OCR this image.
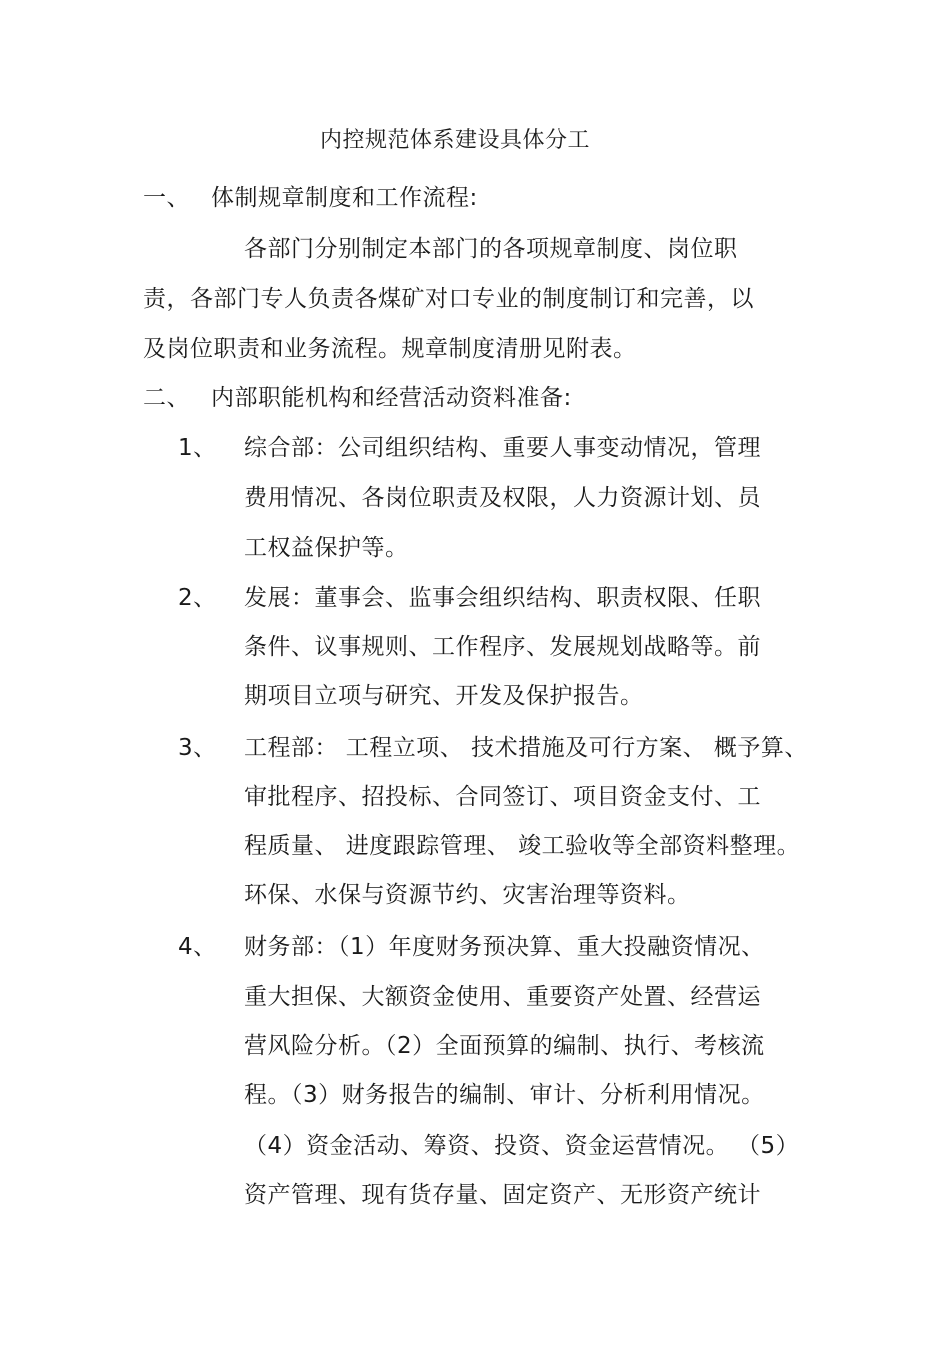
内控规范体系建设具体分工
一、 体制规章制度和工作流程:
各部门分别制定本部门的各项规章制度、岗位职
责，各部门专人负责各煤矿对口专业的制度制订和完善，以
及岗位职责和业务流程。规章制度清册见附表。
二、 内部职能机构和经营活动资料准备:
1、 综合部：公司组织结构、重要人事变动情况，管理
费用情况、各岗位职责及权限，人力资源计划、员
工权益保护等。
2、 发展：董事会、监事会组织结构、职责权限、任职
条件、议事规则、工作程序、发展规划战略等。前
期项目立项与研究、开发及保护报告。
3、 工程部： 工程立项、 技术措施及可行方案、 概予算、
审批程序、招投标、合同签订、项目资金支付、工
程质量、 进度跟踪管理、 竣工验收等全部资料整理。
环保、水保与资源节约、灾害治理等资料。
4、 财务部：（1）年度财务预决算、重大投融资情况、
重大担保、大额资金使用、重要资产处置、经营运
营风险分析。（2）全面预算的编制、执行、考核流
程。（3）财务报告的编制、审计、分析利用情况。
（4）资金活动、筹资、投资、资金运营情况。 （5）
资产管理、现有货存量、固定资产、无形资产统计
